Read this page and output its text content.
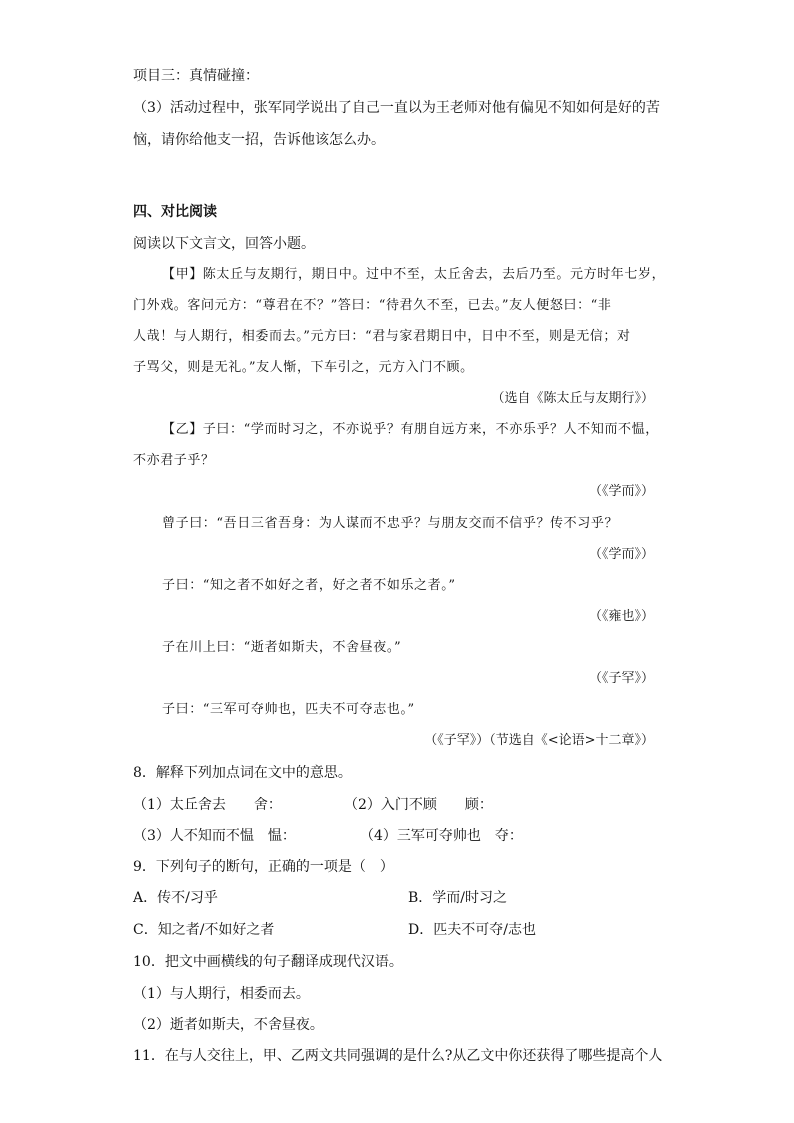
项目三：真情碰撞：
（3）活动过程中，张军同学说出了自己一直以为王老师对他有偏见不知如何是好的苦
恼，请你给他支一招，告诉他该怎么办。
四、对比阅读
阅读以下文言文，回答小题。
【甲】陈太丘与友期行，期日中。过中不至，太丘舍去，去后乃至。元方时年七岁，
门外戏。客问元方：“尊君在不？”答曰：“待君久不至，已去。”友人便怒曰：“非
人哉！与人期行，相委而去。”元方曰：“君与家君期日中，日中不至，则是无信；对
子骂父，则是无礼。”友人惭，下车引之，元方入门不顾。
（选自《陈太丘与友期行》）
【乙】子曰：“学而时习之，不亦说乎？有朋自远方来，不亦乐乎？人不知而不愠，
不亦君子乎？
（《学而》）
曾子曰：“吾日三省吾身：为人谋而不忠乎？与朋友交而不信乎？传不习乎？
（《学而》）
子曰：“知之者不如好之者，好之者不如乐之者。”
（《雍也》）
子在川上曰：“逝者如斯夫，不舍昼夜。”
（《子罕》）
子曰：“三军可夺帅也，匹夫不可夺志也。”
（《子罕》）（节选自《<论语>十二章》）
8．解释下列加点词在文中的意思。
（1）太丘舍去　　舍：	（2）入门不顾　　顾：
（3）人不知而不愠　愠：	（4）三军可夺帅也　夺：
9．下列句子的断句，正确的一项是（　）
A．传不/习乎	B．学而/时习之
C．知之者/不如好之者	D．匹夫不可夺/志也
10．把文中画横线的句子翻译成现代汉语。
（1）与人期行，相委而去。
（2）逝者如斯夫，不舍昼夜。
11．在与人交往上，甲、乙两文共同强调的是什么?从乙文中你还获得了哪些提高个人
